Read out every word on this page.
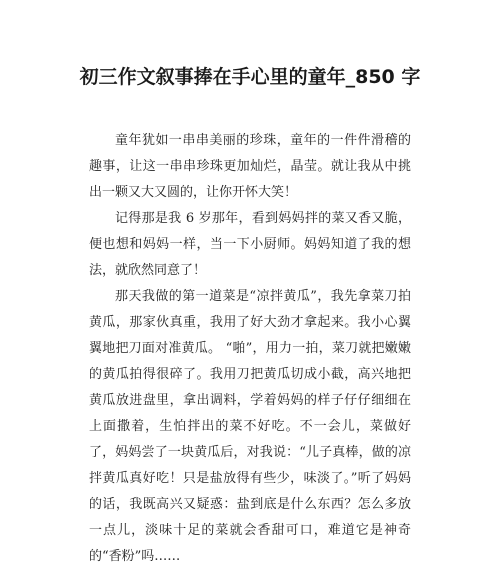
初三作文叙事捧在手心里的童年_850 字

童年犹如一串串美丽的珍珠，童年的一件件滑稽的趣事，让这一串串珍珠更加灿烂，晶莹。就让我从中挑出一颗又大又圆的，让你开怀大笑！

记得那是我 6 岁那年，看到妈妈拌的菜又香又脆，便也想和妈妈一样，当一下小厨师。妈妈知道了我的想法，就欣然同意了！

那天我做的第一道菜是“凉拌黄瓜”，我先拿菜刀拍黄瓜，那家伙真重，我用了好大劲才拿起来。我小心翼翼地把刀面对准黄瓜。 “啪”，用力一拍，菜刀就把嫩嫩的黄瓜拍得很碎了。我用刀把黄瓜切成小截，高兴地把黄瓜放进盘里，拿出调料，学着妈妈的样子仔仔细细在上面撒着，生怕拌出的菜不好吃。不一会儿，菜做好了，妈妈尝了一块黄瓜后，对我说：“儿子真棒，做的凉拌黄瓜真好吃！只是盐放得有些少，味淡了。”听了妈妈的话，我既高兴又疑惑：盐到底是什么东西？怎么多放一点儿，淡味十足的菜就会香甜可口，难道它是神奇的“香粉”吗……
